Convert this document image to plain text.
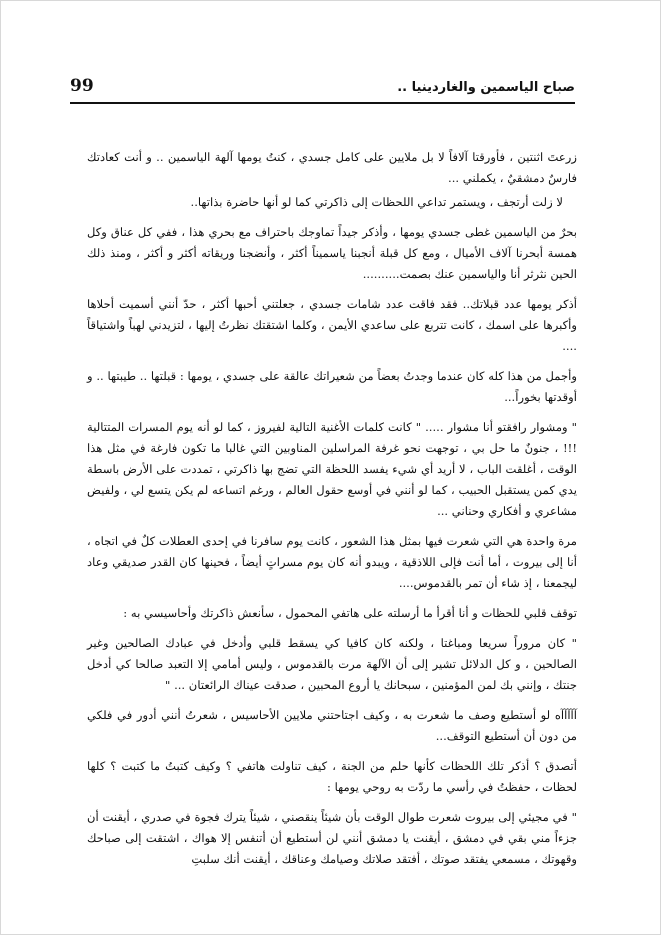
99	صباح الياسمين والغاردينيا ..

زرعتَ اثنتين ، فأورقتا آلافاً لا بل ملايين على كامل جسدي ، كنتُ يومها آلهة الياسمين .. و أنت كعادتك فارسٌ دمشقيٌ ، يكملني ...

لا زلت أرتجف ، ويستمر تداعي اللحظات إلى ذاكرتي كما لو أنها حاضرة بذاتها..

بحرٌ من الياسمين غطى جسدي يومها ، وأذكر جيداً تماوجك باحتراف مع بحري هذا ، ففي كل عناق وكل همسة أبحرنا آلاف الأميال ، ومع كل قبلة أنجبنا ياسميناً أكثر ، وأنضجنا وريقاته أكثر و أكثر ، ومنذ ذلك الحين نثرثر أنا والياسمين عنك بصمت..........

أذكر يومها عدد قبلاتك.. فقد فاقت عدد شامات جسدي ، جعلتني أحبها أكثر ، حدّ أنني أسميت أحلاها وأكبرها على اسمك ، كانت تتربع على ساعدي الأيمن ، وكلما اشتقتك نظرتُ إليها ، لتزيدني لهباً واشتياقاً ....

وأجمل من هذا كله كان عندما وجدتُ بعضاً من شعيراتك عالقة على جسدي ، يومها : قبلتها .. طيبتها .. و أوقدتها بخوراً...

" ومشوار رافقتو أنا مشوار ..... " كانت كلمات الأغنية التالية لفيروز ، كما لو أنه يوم المسرات المتتالية !!! ، جنونٌ ما حل بي ، توجهت نحو غرفة المراسلين المناوبين التي غالبا ما تكون فارغة في مثل هذا الوقت ، أغلقت الباب ، لا أريد أي شيء يفسد اللحظة التي تضج بها ذاكرتي ، تمددت على الأرض باسطة يدي كمن يستقبل الحبيب ، كما لو أنني في أوسع حقول العالم ، ورغم اتساعه لم يكن يتسع لي ، ولفيض مشاعري و أفكاري وحناني ...

مرة واحدة هي التي شعرت فيها بمثل هذا الشعور ، كانت يوم سافرنا في إحدى العطلات كلٌ في اتجاه ، أنا إلى بيروت ، أما أنت فإلى اللاذقية ، ويبدو أنه كان يوم مسراتٍ أيضاً ، فحينها كان القدر صديقي وعاد ليجمعنا ، إذ شاء أن تمر بالقدموس....

توقف قلبي للحظات و أنا أقرأ ما أرسلته على هاتفي المحمول ، سأنعش ذاكرتك وأحاسيسي به :

" كان مروراً سريعا ومباغتا ، ولكنه كان كافيا كي يسقط قلبي وأدخل في عبادك الصالحين وغير الصالحين ، و كل الدلائل تشير إلى أن الآلهة مرت بالقدموس ، وليس أمامي إلا التعبد صالحا كي أدخل جنتك ، وإنني بك لمن المؤمنين ، سبحانك يا أروع المحبين ، صدقت عيناك الرائعتان ... "

آآآآآه لو أستطيع وصف ما شعرت به ، وكيف اجتاحتني ملايين الأحاسيس ، شعرتُ أنني أدور في فلكي من دون أن أستطيع التوقف...

أتصدق ؟ أذكر تلك اللحظات كأنها حلم من الجنة ، كيف تناولت هاتفي ؟ وكيف كتبتُ ما كتبت ؟ كلها لحظات ، حفظتُ في رأسي ما ردّت به روحي يومها :

" في مجيئي إلى بيروت شعرت طوال الوقت بأن شيئاً ينقصني ، شيئاً يترك فجوة في صدري ، أيقنت أن جزءاً مني بقي في دمشق ، أيقنت يا دمشق أنني لن أستطيع أن أتنفس إلا هواك ، اشتقت إلى صباحك وقهوتك ، مسمعي يفتقد صوتك ، أفتقد صلاتك وصيامك وعناقك ، أيقنت أنك سلبتِ
